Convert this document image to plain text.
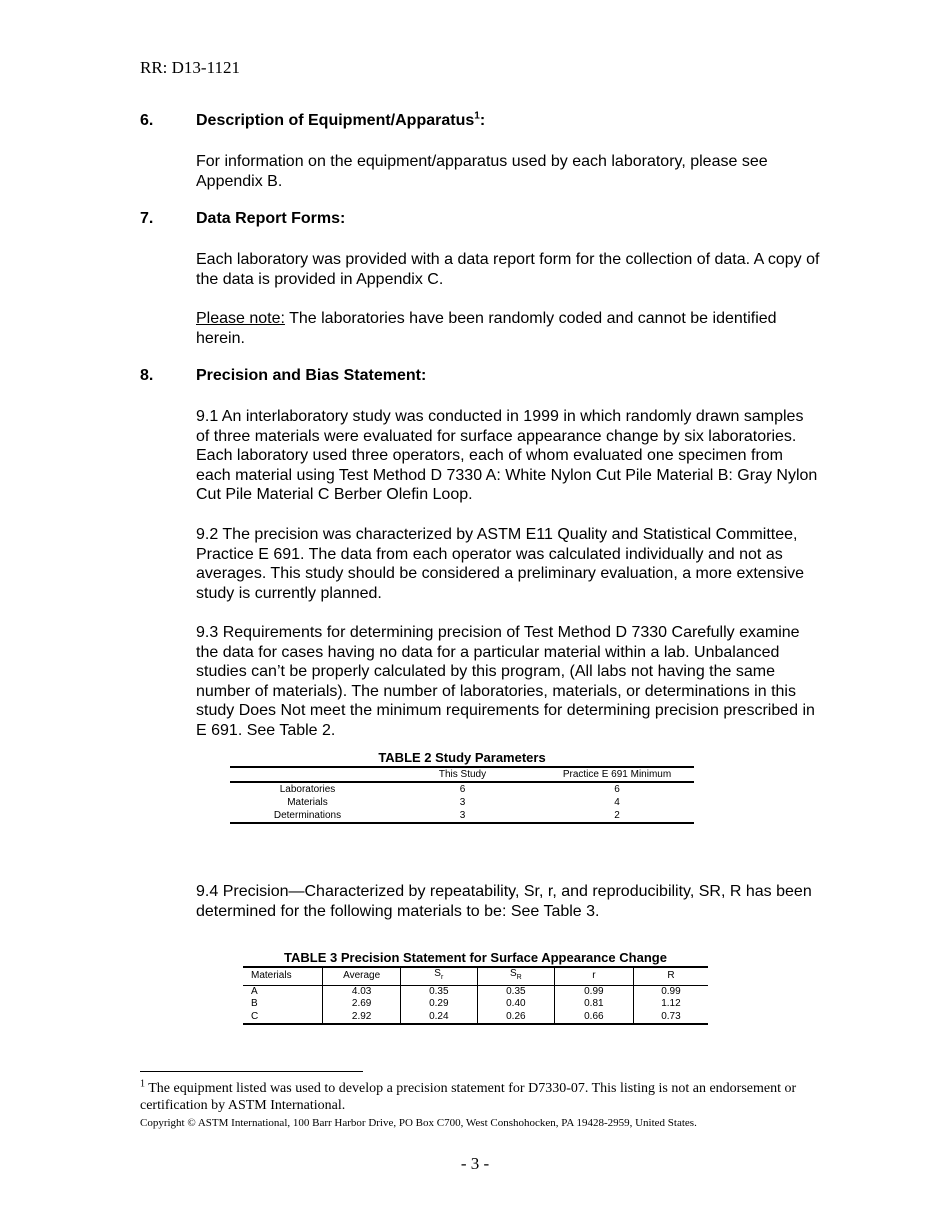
RR: D13-1121
6.	Description of Equipment/Apparatus$^1$:
For information on the equipment/apparatus used by each laboratory, please see Appendix B.
7.	Data Report Forms:
Each laboratory was provided with a data report form for the collection of data. A copy of the data is provided in Appendix C.
Please note: The laboratories have been randomly coded and cannot be identified herein.
8.	Precision and Bias Statement:
9.1 An interlaboratory study was conducted in 1999 in which randomly drawn samples of three materials were evaluated for surface appearance change by six laboratories. Each laboratory used three operators, each of whom evaluated one specimen from each material using Test Method D 7330 A: White Nylon Cut Pile Material B: Gray Nylon Cut Pile Material C Berber Olefin Loop.
9.2 The precision was characterized by ASTM E11 Quality and Statistical Committee, Practice E 691. The data from each operator was calculated individually and not as averages. This study should be considered a preliminary evaluation, a more extensive study is currently planned.
9.3 Requirements for determining precision of Test Method D 7330 Carefully examine the data for cases having no data for a particular material within a lab. Unbalanced studies can’t be properly calculated by this program, (All labs not having the same number of materials). The number of laboratories, materials, or determinations in this study Does Not meet the minimum requirements for determining precision prescribed in E 691. See Table 2.
TABLE 2 Study Parameters
	This Study	Practice E 691 Minimum
Laboratories	6	6
Materials	3	4
Determinations	3	2
9.4 Precision—Characterized by repeatability, Sr, r, and reproducibility, SR, R has been determined for the following materials to be: See Table 3.
TABLE 3 Precision Statement for Surface Appearance Change
Materials	Average	$S_r$	$S_R$	r	R
A	4.03	0.35	0.35	0.99	0.99
B	2.69	0.29	0.40	0.81	1.12
C	2.92	0.24	0.26	0.66	0.73
$^1$ The equipment listed was used to develop a precision statement for D7330-07. This listing is not an endorsement or certification by ASTM International.
Copyright © ASTM International, 100 Barr Harbor Drive, PO Box C700, West Conshohocken, PA 19428-2959, United States.
- 3 -
